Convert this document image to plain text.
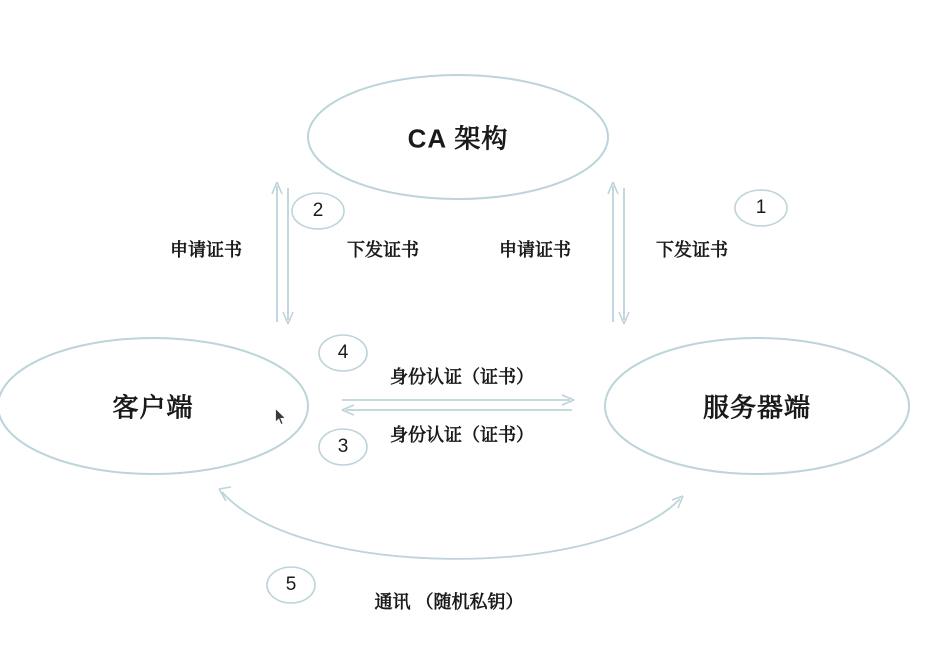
CA 架构
客户端	服务器端
申请证书	下发证书	申请证书	下发证书
身份认证（证书）
身份认证（证书）
通讯 （随机私钥）
1
2
3
4
5
